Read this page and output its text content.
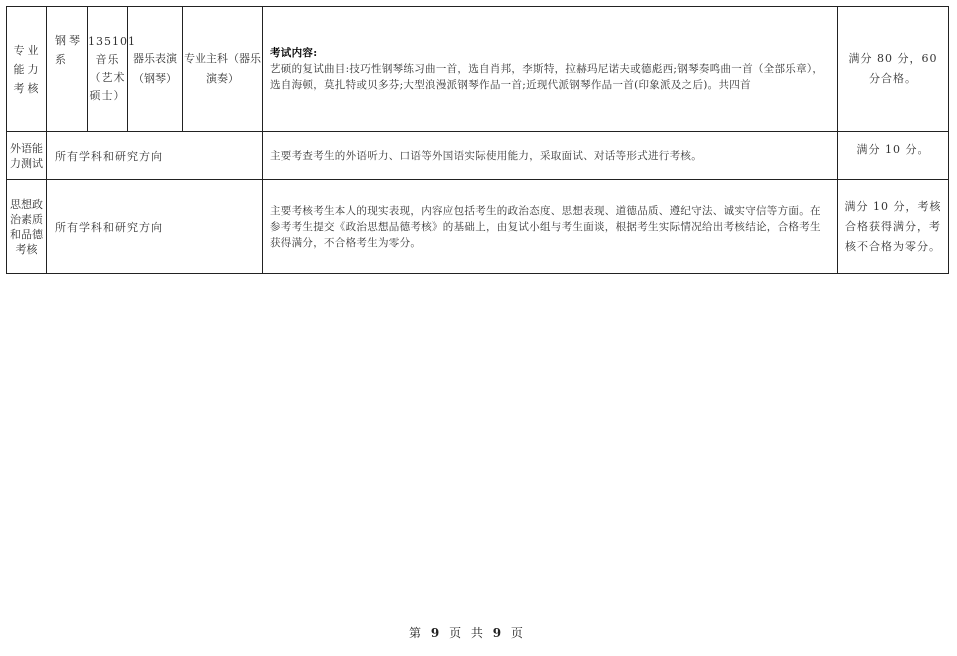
专业能力考核	钢琴系	135101音乐（艺术硕士）	器乐表演（钢琴）	专业主科（器乐演奏）	考试内容:
艺硕的复试曲目:技巧性钢琴练习曲一首，选自肖邦，李斯特，拉赫玛尼诺夫或德彪西;钢琴奏鸣曲一首（全部乐章），选自海顿，莫扎特或贝多芬;大型浪漫派钢琴作品一首;近现代派钢琴作品一首(印象派及之后)。共四首	满分 80 分，60 分合格。
外语能力测试	所有学科和研究方向				主要考查考生的外语听力、口语等外国语实际使用能力，采取面试、对话等形式进行考核。	满分 10 分。
思想政治素质和品德考核	所有学科和研究方向				主要考核考生本人的现实表现，内容应包括考生的政治态度、思想表现、道德品质、遵纪守法、诚实守信等方面。在参考考生提交《政治思想品德考核》的基础上，由复试小组与考生面谈，根据考生实际情况给出考核结论，合格考生获得满分，不合格考生为零分。	满分 10 分，考核合格获得满分，考核不合格为零分。
第 9 页 共 9 页
